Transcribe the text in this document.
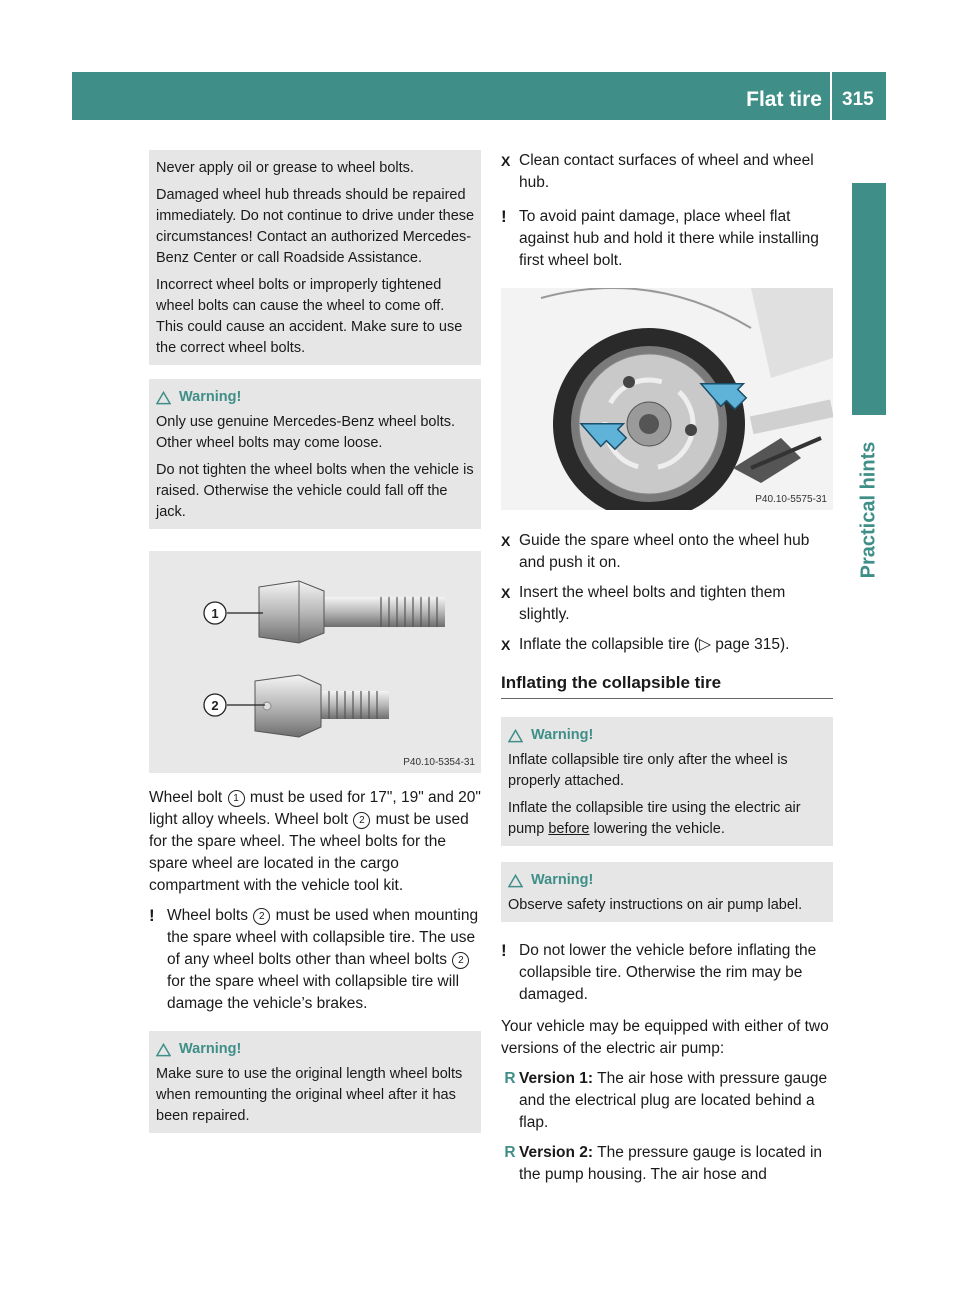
Flat tire 315
Practical hints

Never apply oil or grease to wheel bolts.

Damaged wheel hub threads should be repaired immediately. Do not continue to drive under these circumstances! Contact an authorized Mercedes-Benz Center or call Roadside Assistance.

Incorrect wheel bolts or improperly tightened wheel bolts can cause the wheel to come off. This could cause an accident. Make sure to use the correct wheel bolts.

Warning!

Only use genuine Mercedes-Benz wheel bolts. Other wheel bolts may come loose.

Do not tighten the wheel bolts when the vehicle is raised. Otherwise the vehicle could fall off the jack.

1
2
P40.10-5354-31

Wheel bolt 1 must be used for 17", 19" and 20" light alloy wheels. Wheel bolt 2 must be used for the spare wheel. The wheel bolts for the spare wheel are located in the cargo compartment with the vehicle tool kit.

! Wheel bolts 2 must be used when mounting the spare wheel with collapsible tire. The use of any wheel bolts other than wheel bolts 2 for the spare wheel with collapsible tire will damage the vehicle’s brakes.

Warning!

Make sure to use the original length wheel bolts when remounting the original wheel after it has been repaired.

X Clean contact surfaces of wheel and wheel hub.
! To avoid paint damage, place wheel flat against hub and hold it there while installing first wheel bolt.
P40.10-5575-31
X Guide the spare wheel onto the wheel hub and push it on.
X Insert the wheel bolts and tighten them slightly.
X Inflate the collapsible tire (▷ page 315).
Inflating the collapsible tire

Warning!

Inflate collapsible tire only after the wheel is properly attached.

Inflate the collapsible tire using the electric air pump before lowering the vehicle.

Warning!

Observe safety instructions on air pump label.

! Do not lower the vehicle before inflating the collapsible tire. Otherwise the rim may be damaged.

Your vehicle may be equipped with either of two versions of the electric air pump:

R Version 1: The air hose with pressure gauge and the electrical plug are located behind a flap.
R Version 2: The pressure gauge is located in the pump housing. The air hose and
